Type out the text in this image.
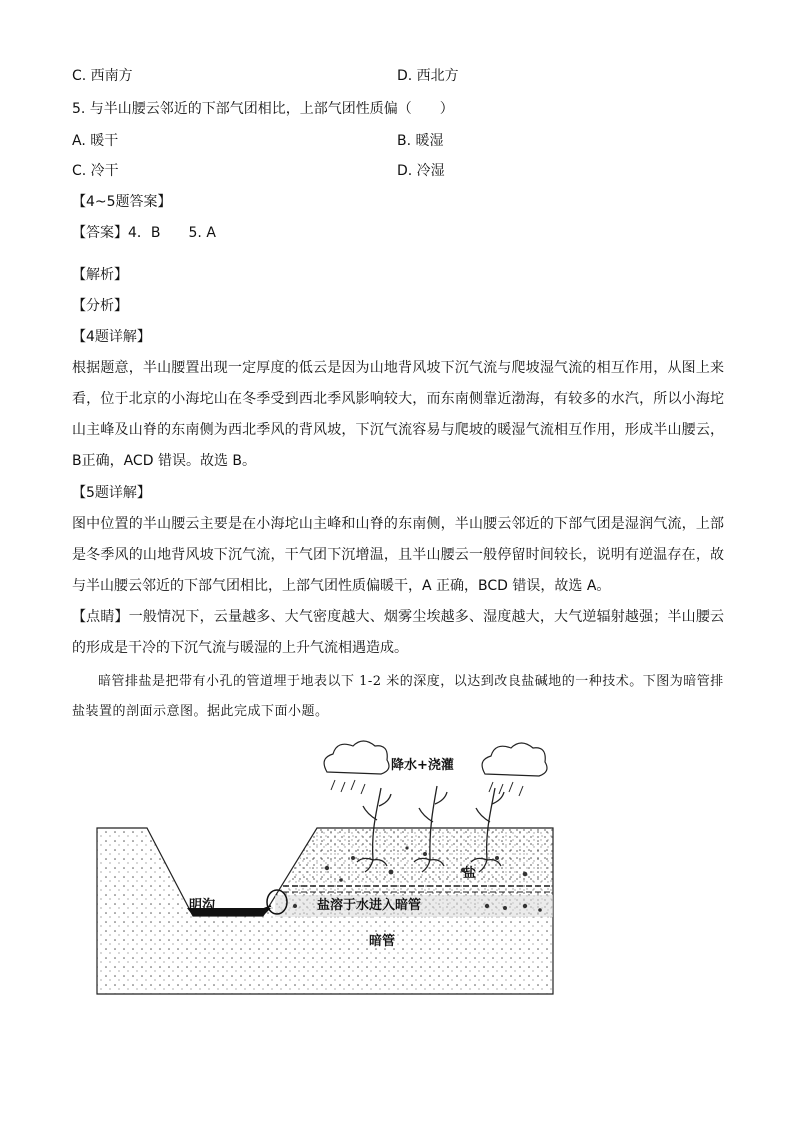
C. 西南方	D. 西北方
5. 与半山腰云邻近的下部气团相比，上部气团性质偏（　　）
A. 暖干	B. 暖湿
C. 冷干	D. 冷湿
【4~5题答案】
【答案】4．B　　5. A
【解析】
【分析】
【4题详解】
根据题意，半山腰置出现一定厚度的低云是因为山地背风坡下沉气流与爬坡湿气流的相互作用，从图上来看，位于北京的小海坨山在冬季受到西北季风影响较大，而东南侧靠近渤海，有较多的水汽，所以小海坨山主峰及山脊的东南侧为西北季风的背风坡，下沉气流容易与爬坡的暖湿气流相互作用，形成半山腰云，B正确，ACD 错误。故选 B。
【5题详解】
图中位置的半山腰云主要是在小海坨山主峰和山脊的东南侧，半山腰云邻近的下部气团是湿润气流，上部是冬季风的山地背风坡下沉气流，干气团下沉增温，且半山腰云一般停留时间较长，说明有逆温存在，故与半山腰云邻近的下部气团相比，上部气团性质偏暖干，A 正确，BCD 错误，故选 A。
【点睛】一般情况下，云量越多、大气密度越大、烟雾尘埃越多、湿度越大，大气逆辐射越强；半山腰云的形成是干冷的下沉气流与暖湿的上升气流相遇造成。
暗管排盐是把带有小孔的管道埋于地表以下 1-2 米的深度，以达到改良盐碱地的一种技术。下图为暗管排盐装置的剖面示意图。据此完成下面小题。
降水+浇灌
盐
明沟	盐溶于水进入暗管
暗管
